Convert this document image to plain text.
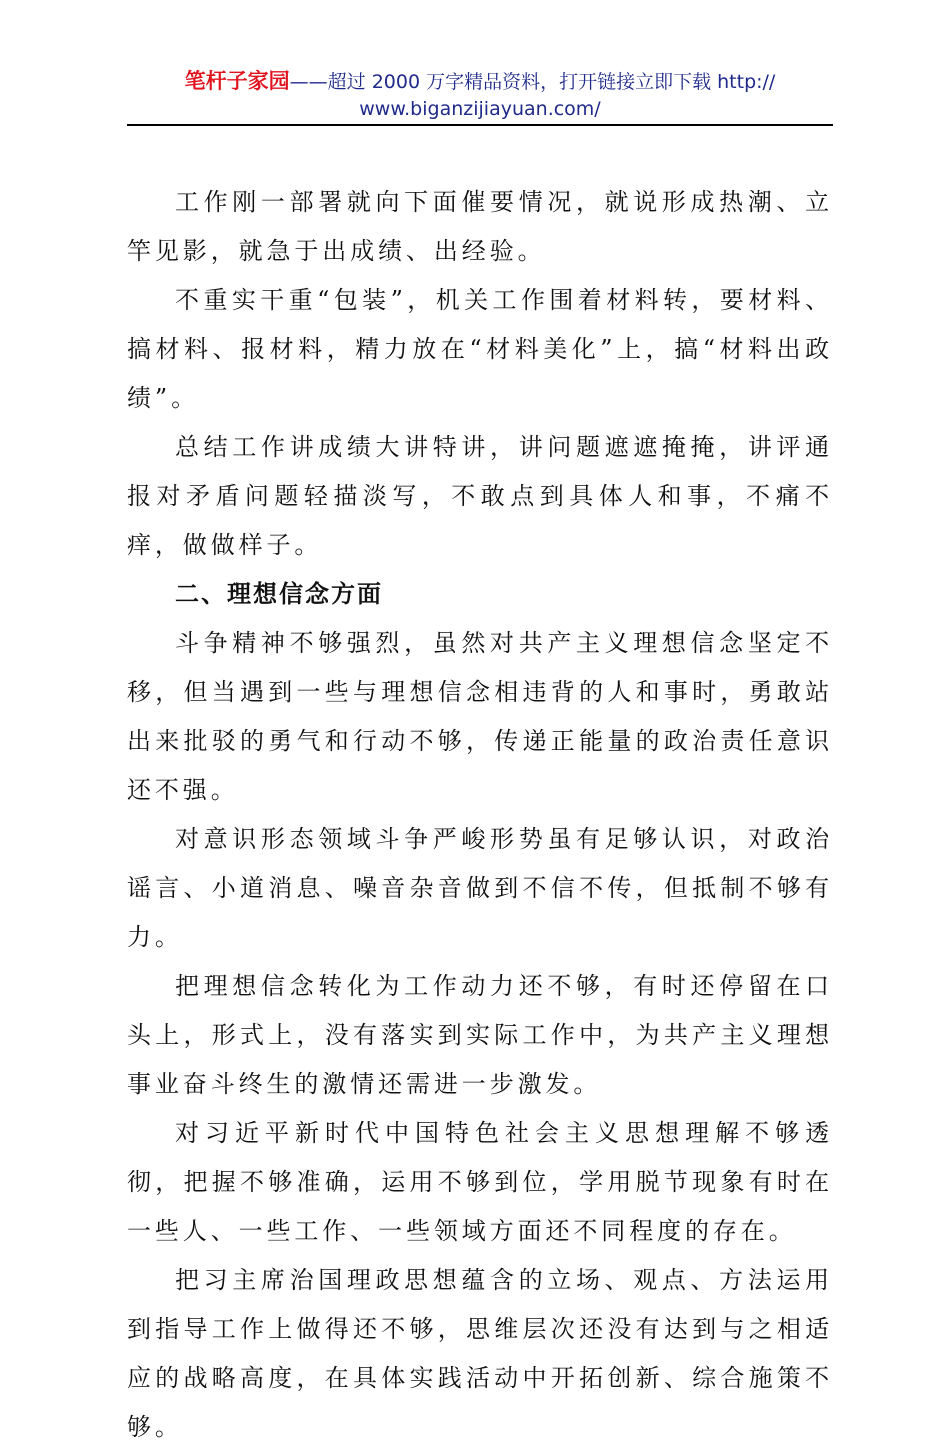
笔杆子家园——超过 2000 万字精品资料，打开链接立即下载 http://
www.biganzijiayuan.com/

工作刚一部署就向下面催要情况，就说形成热潮、立竿见影，就急于出成绩、出经验。

不重实干重“包装”，机关工作围着材料转，要材料、搞材料、报材料，精力放在“材料美化”上，搞“材料出政绩”。

总结工作讲成绩大讲特讲，讲问题遮遮掩掩，讲评通报对矛盾问题轻描淡写，不敢点到具体人和事，不痛不痒，做做样子。

二、理想信念方面

斗争精神不够强烈，虽然对共产主义理想信念坚定不移，但当遇到一些与理想信念相违背的人和事时，勇敢站出来批驳的勇气和行动不够，传递正能量的政治责任意识还不强。

对意识形态领域斗争严峻形势虽有足够认识，对政治谣言、小道消息、噪音杂音做到不信不传，但抵制不够有力。

把理想信念转化为工作动力还不够，有时还停留在口头上，形式上，没有落实到实际工作中，为共产主义理想事业奋斗终生的激情还需进一步激发。

对习近平新时代中国特色社会主义思想理解不够透彻，把握不够准确，运用不够到位，学用脱节现象有时在一些人、一些工作、一些领域方面还不同程度的存在。

把习主席治国理政思想蕴含的立场、观点、方法运用到指导工作上做得还不够，思维层次还没有达到与之相适应的战略高度，在具体实践活动中开拓创新、综合施策不够。
